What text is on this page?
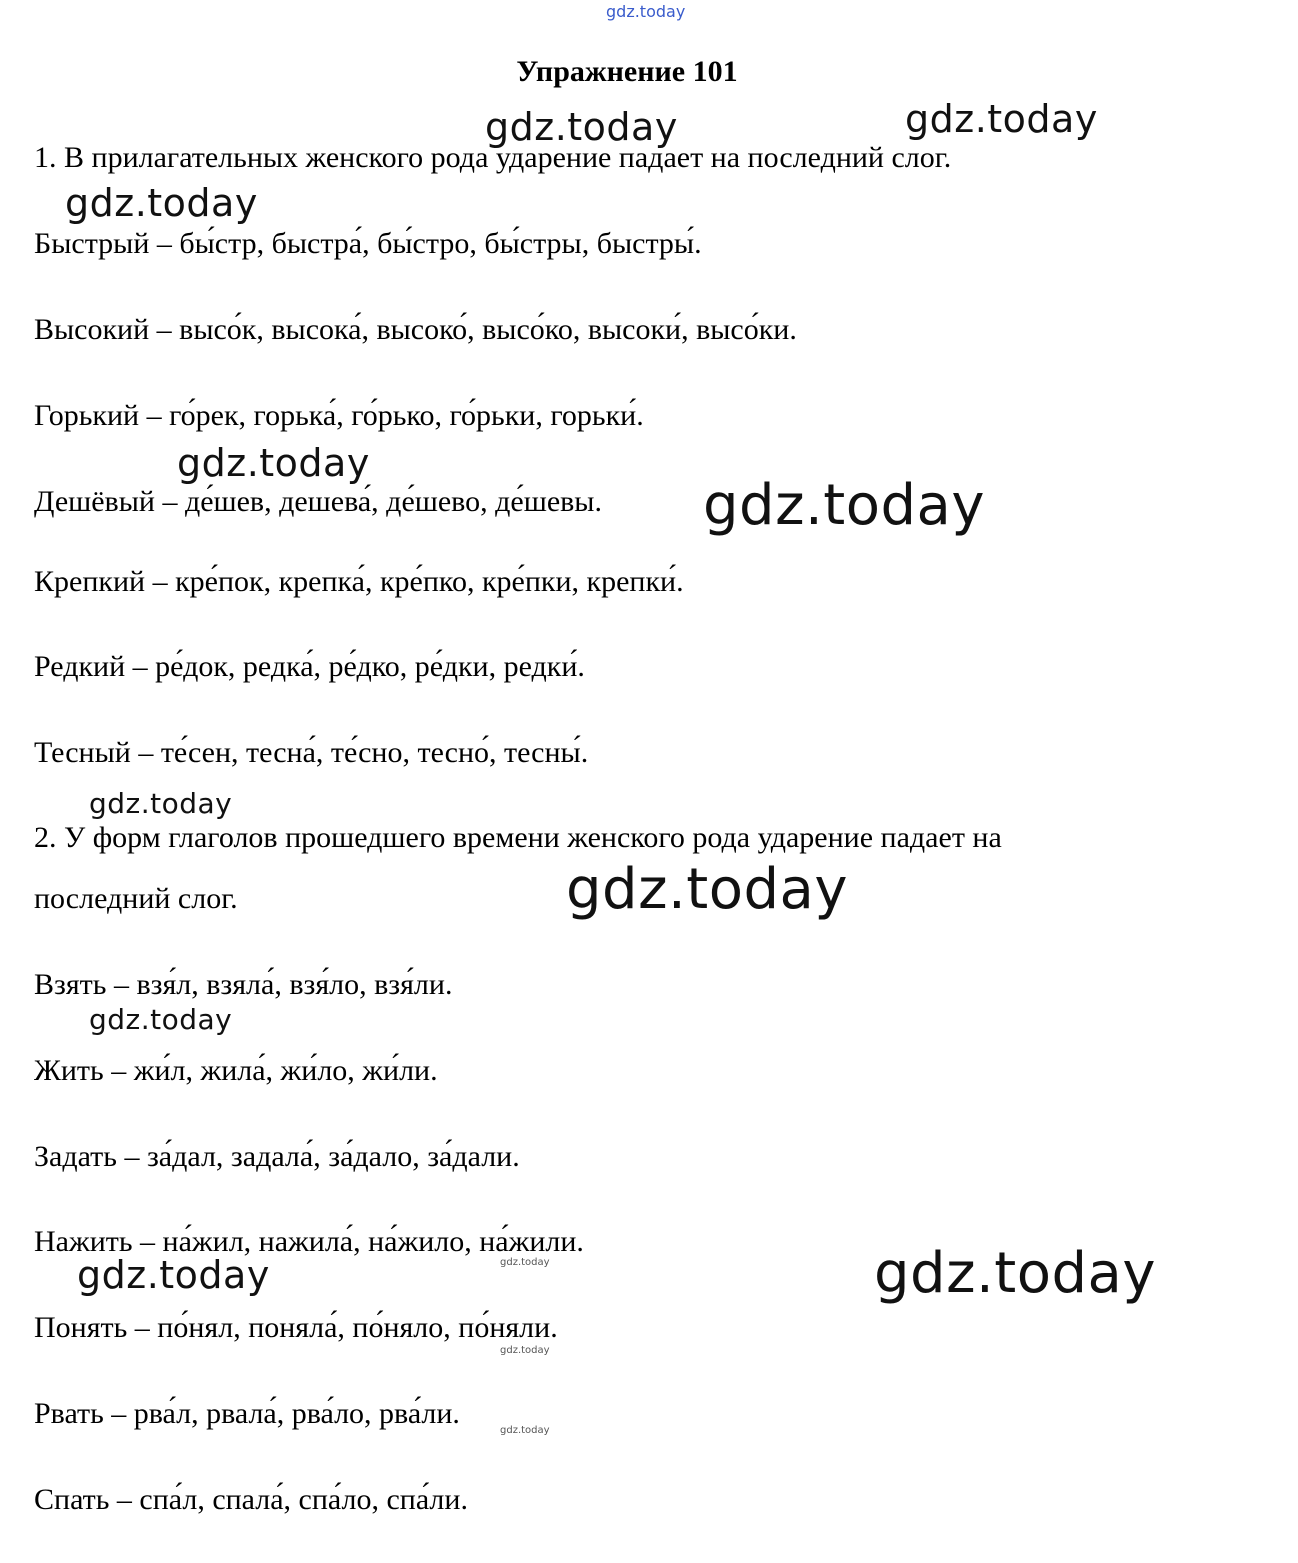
Упражнение 101
1. В прилагательных женского рода ударение падает на последний слог.
Быстрый – бы́стр, быстра́, бы́стро, бы́стры, быстры́.
Высокий – высо́к, высока́, высоко́, высо́ко, высоки́, высо́ки.
Горький – го́рек, горька́, го́рько, го́рьки, горьки́.
Дешёвый – де́шев, дешева́, де́шево, де́шевы.
Крепкий – кре́пок, крепка́, кре́пко, кре́пки, крепки́.
Редкий – ре́док, редка́, ре́дко, ре́дки, редки́.
Тесный – те́сен, тесна́, те́сно, тесно́, тесны́.
2. У форм глаголов прошедшего времени женского рода ударение падает на
последний слог.
Взять – взя́л, взяла́, взя́ло, взя́ли.
Жить – жи́л, жила́, жи́ло, жи́ли.
Задать – за́дал, задала́, за́дало, за́дали.
Нажить – на́жил, нажила́, на́жило, на́жили.
Понять – по́нял, поняла́, по́няло, по́няли.
Рвать – рва́л, рвала́, рва́ло, рва́ли.
Спать – спа́л, спала́, спа́ло, спа́ли.
gdz.today
gdz.today	gdz.today
gdz.today
gdz.today
gdz.today
gdz.today
gdz.today
gdz.today
gdz.today
gdz.today	gdz.today
gdz.today
gdz.today
